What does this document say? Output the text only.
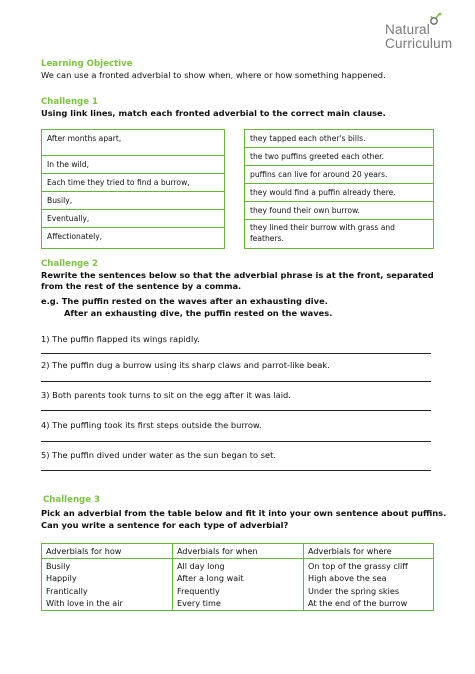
Natural
Curriculum
Learning Objective
We can use a fronted adverbial to show when, where or how something happened.
Challenge 1
Using link lines, match each fronted adverbial to the correct main clause.
After months apart,
In the wild,
Each time they tried to find a burrow,
Busily,
Eventually,
Affectionately,
they tapped each other's bills.
the two puffins greeted each other.
puffins can live for around 20 years.
they would find a puffin already there.
they found their own burrow.
they lined their burrow with grass and feathers.
Challenge 2
Rewrite the sentences below so that the adverbial phrase is at the front, separated
from the rest of the sentence by a comma.
e.g. The puffin rested on the waves after an exhausting dive.
After an exhausting dive, the puffin rested on the waves.
1) The puffin flapped its wings rapidly.
2) The puffin dug a burrow using its sharp claws and parrot-like beak.
3) Both parents took turns to sit on the egg after it was laid.
4) The puffling took its first steps outside the burrow.
5) The puffin dived under water as the sun began to set.
Challenge 3
Pick an adverbial from the table below and fit it into your own sentence about puffins.
Can you write a sentence for each type of adverbial?
Adverbials for how	Adverbials for when	Adverbials for where
Busily	All day long	On top of the grassy cliff
Happily	After a long wait	High above the sea
Frantically	Frequently	Under the spring skies
With love in the air	Every time	At the end of the burrow
